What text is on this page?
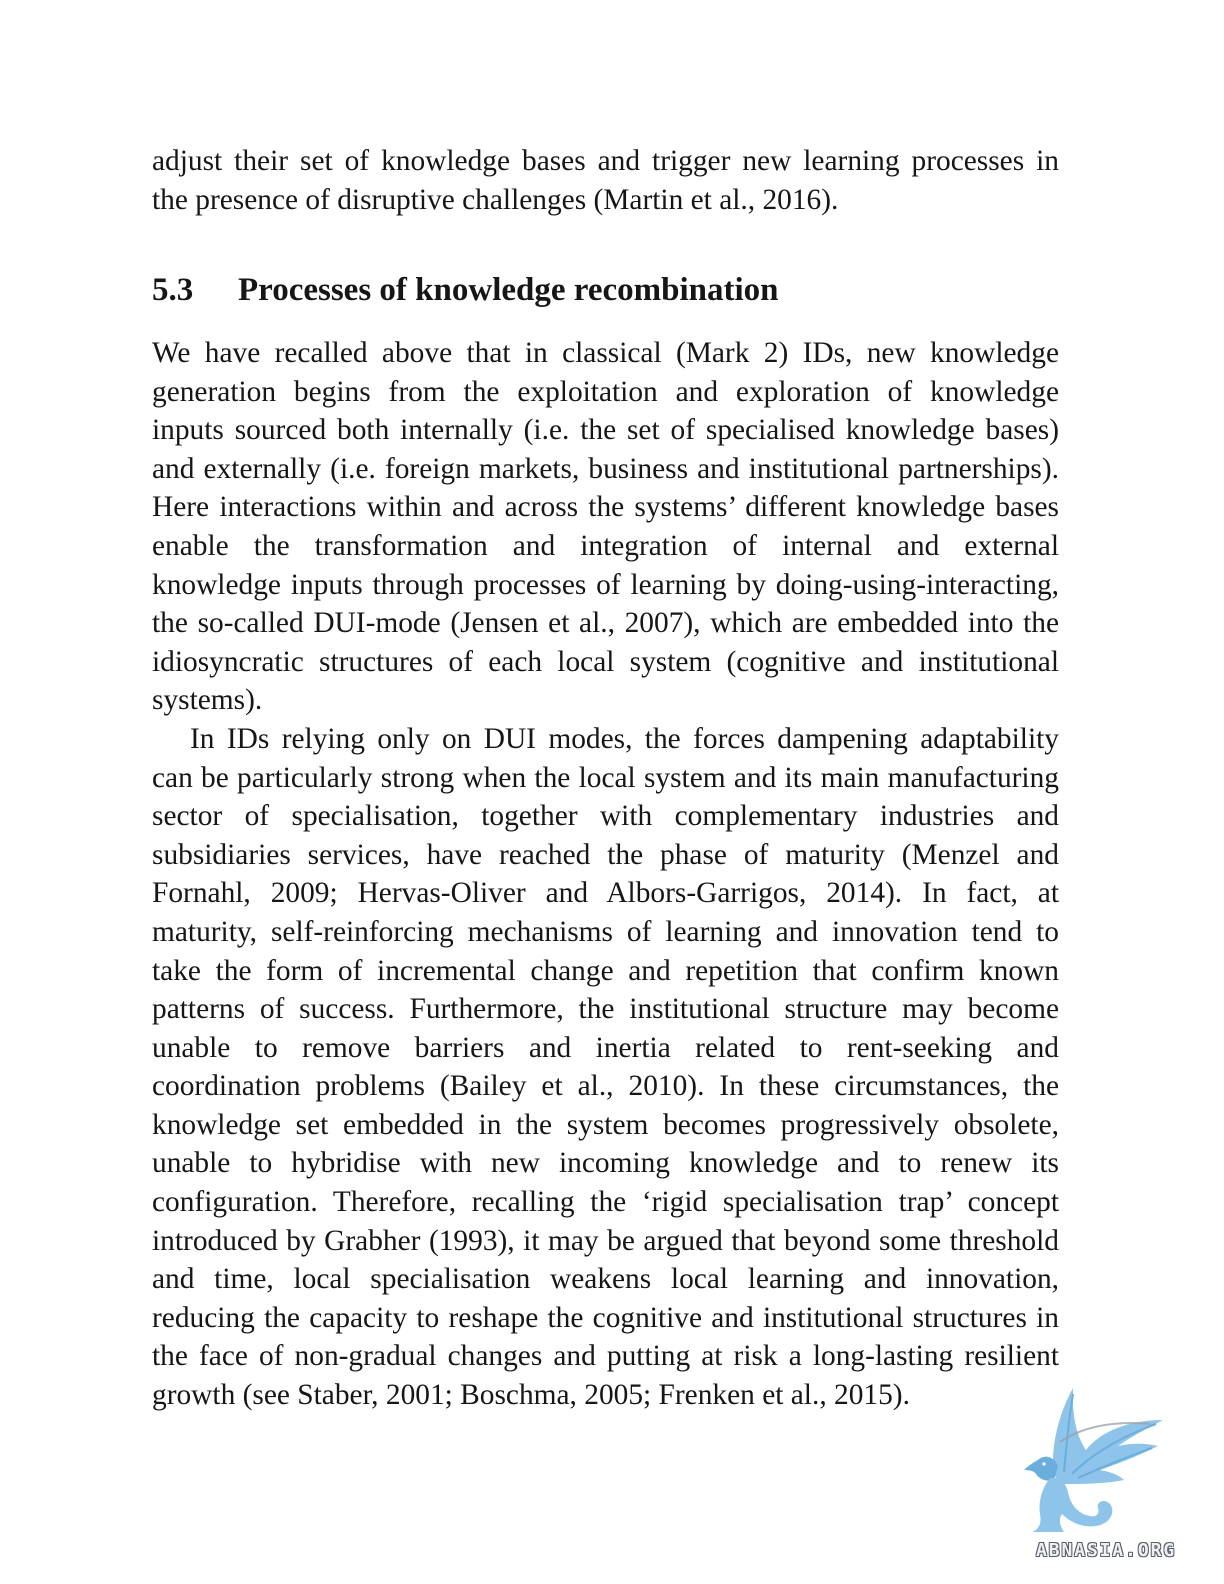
adjust their set of knowledge bases and trigger new learning processes in
the presence of disruptive challenges (Martin et al., 2016).
5.3 Processes of knowledge recombination
We have recalled above that in classical (Mark 2) IDs, new knowledge
generation begins from the exploitation and exploration of knowledge
inputs sourced both internally (i.e. the set of specialised knowledge bases)
and externally (i.e. foreign markets, business and institutional partnerships).
Here interactions within and across the systems’ different knowledge bases
enable the transformation and integration of internal and external
knowledge inputs through processes of learning by doing-using-interacting,
the so-called DUI-mode (Jensen et al., 2007), which are embedded into the
idiosyncratic structures of each local system (cognitive and institutional
systems).
In IDs relying only on DUI modes, the forces dampening adaptability
can be particularly strong when the local system and its main manufacturing
sector of specialisation, together with complementary industries and
subsidiaries services, have reached the phase of maturity (Menzel and
Fornahl, 2009; Hervas-Oliver and Albors-Garrigos, 2014). In fact, at
maturity, self-reinforcing mechanisms of learning and innovation tend to
take the form of incremental change and repetition that confirm known
patterns of success. Furthermore, the institutional structure may become
unable to remove barriers and inertia related to rent-seeking and
coordination problems (Bailey et al., 2010). In these circumstances, the
knowledge set embedded in the system becomes progressively obsolete,
unable to hybridise with new incoming knowledge and to renew its
configuration. Therefore, recalling the ‘rigid specialisation trap’ concept
introduced by Grabher (1993), it may be argued that beyond some threshold
and time, local specialisation weakens local learning and innovation,
reducing the capacity to reshape the cognitive and institutional structures in
the face of non-gradual changes and putting at risk a long-lasting resilient
growth (see Staber, 2001; Boschma, 2005; Frenken et al., 2015).
ABNASIA.ORG
